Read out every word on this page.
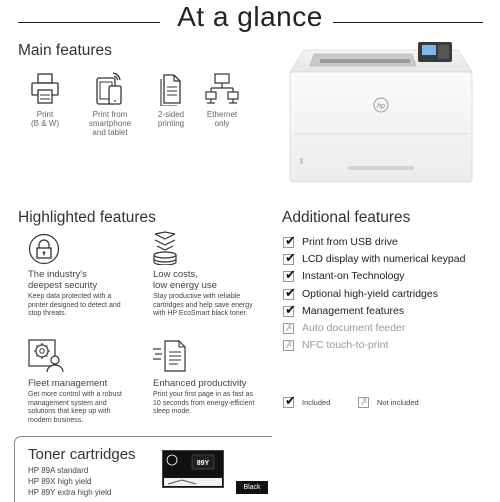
At a glance
Main features
Print
(B & W)
Print from
smartphone
and tablet
2-sided
printing
Ethernet
only
hp
Highlighted features
The industry's
deepest security
Keep data protected with a
printer designed to detect and
stop threats.
Low costs,
low energy use
Stay productive with reliable
cartridges and help save energy
with HP EcoSmart black toner.
Fleet management
Get more control with a robust
management system and
solutions that keep up with
modern business.
Enhanced productivity
Print your first page in as fast as
10 seconds from energy-efficient
sleep mode.
Additional features
✔ Print from USB drive
✔ LCD display with numerical keypad
✔ Instant-on Technology
✔ Optional high-yield cartridges
✔ Management features
✗ Auto document feeder
✗ NFC touch-to-print
✔ Included	✗ Not included
Toner cartridges
HP 89A standard
HP 89X high yield
HP 89Y extra high yield
89Y
Black
